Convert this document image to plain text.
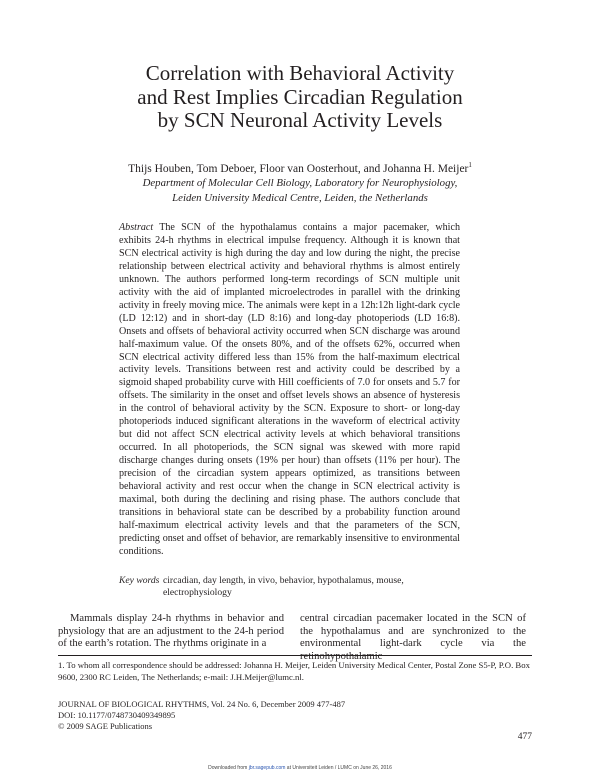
Correlation with Behavioral Activity
and Rest Implies Circadian Regulation
by SCN Neuronal Activity Levels
Thijs Houben, Tom Deboer, Floor van Oosterhout, and Johanna H. Meijer$^1$
Department of Molecular Cell Biology, Laboratory for Neurophysiology,
Leiden University Medical Centre, Leiden, the Netherlands

Abstract The SCN of the hypothalamus contains a major pacemaker, which exhibits 24-h rhythms in electrical impulse frequency. Although it is known that SCN electrical activity is high during the day and low during the night, the precise relationship between electrical activity and behavioral rhythms is almost entirely unknown. The authors performed long-term recordings of SCN multiple unit activity with the aid of implanted microelectrodes in parallel with the drinking activity in freely moving mice. The animals were kept in a 12h:12h light-dark cycle (LD 12:12) and in short-day (LD 8:16) and long-day photoperiods (LD 16:8). Onsets and offsets of behavioral activity occurred when SCN discharge was around half-maximum value. Of the onsets 80%, and of the offsets 62%, occurred when SCN electrical activity differed less than 15% from the half-maximum electrical activity levels. Transitions between rest and activity could be described by a sigmoid shaped probability curve with Hill coefficients of 7.0 for onsets and 5.7 for offsets. The similarity in the onset and offset levels shows an absence of hysteresis in the control of behavioral activity by the SCN. Exposure to short- or long-day photoperiods induced significant alterations in the waveform of electrical activity but did not affect SCN electrical activity levels at which behavioral transitions occurred. In all photoperiods, the SCN signal was skewed with more rapid discharge changes during onsets (19% per hour) than offsets (11% per hour). The precision of the circadian system appears optimized, as transitions between behavioral activity and rest occur when the change in SCN electrical activity is maximal, both during the declining and rising phase. The authors conclude that transitions in behavioral state can be described by a probability function around half-maximum electrical activity levels and that the parameters of the SCN, predicting onset and offset of behavior, are remarkably insensitive to environmental conditions.

Key words circadian, day length, in vivo, behavior, hypothalamus, mouse, electrophysiology

Mammals display 24-h rhythms in behavior and physiology that are an adjustment to the 24-h period of the earth’s rotation. The rhythms originate in a

central circadian pacemaker located in the SCN of the hypothalamus and are synchronized to the environmental light-dark cycle via the retinohypothalamic

1. To whom all correspondence should be addressed: Johanna H. Meijer, Leiden University Medical Center, Postal Zone S5-P, P.O. Box 9600, 2300 RC Leiden, The Netherlands; e-mail: J.H.Meijer@lumc.nl.

JOURNAL OF BIOLOGICAL RHYTHMS, Vol. 24 No. 6, December 2009 477-487
DOI: 10.1177/0748730409349895
© 2009 SAGE Publications
477
Downloaded from jbr.sagepub.com at Universiteit Leiden / LUMC on June 26, 2016
